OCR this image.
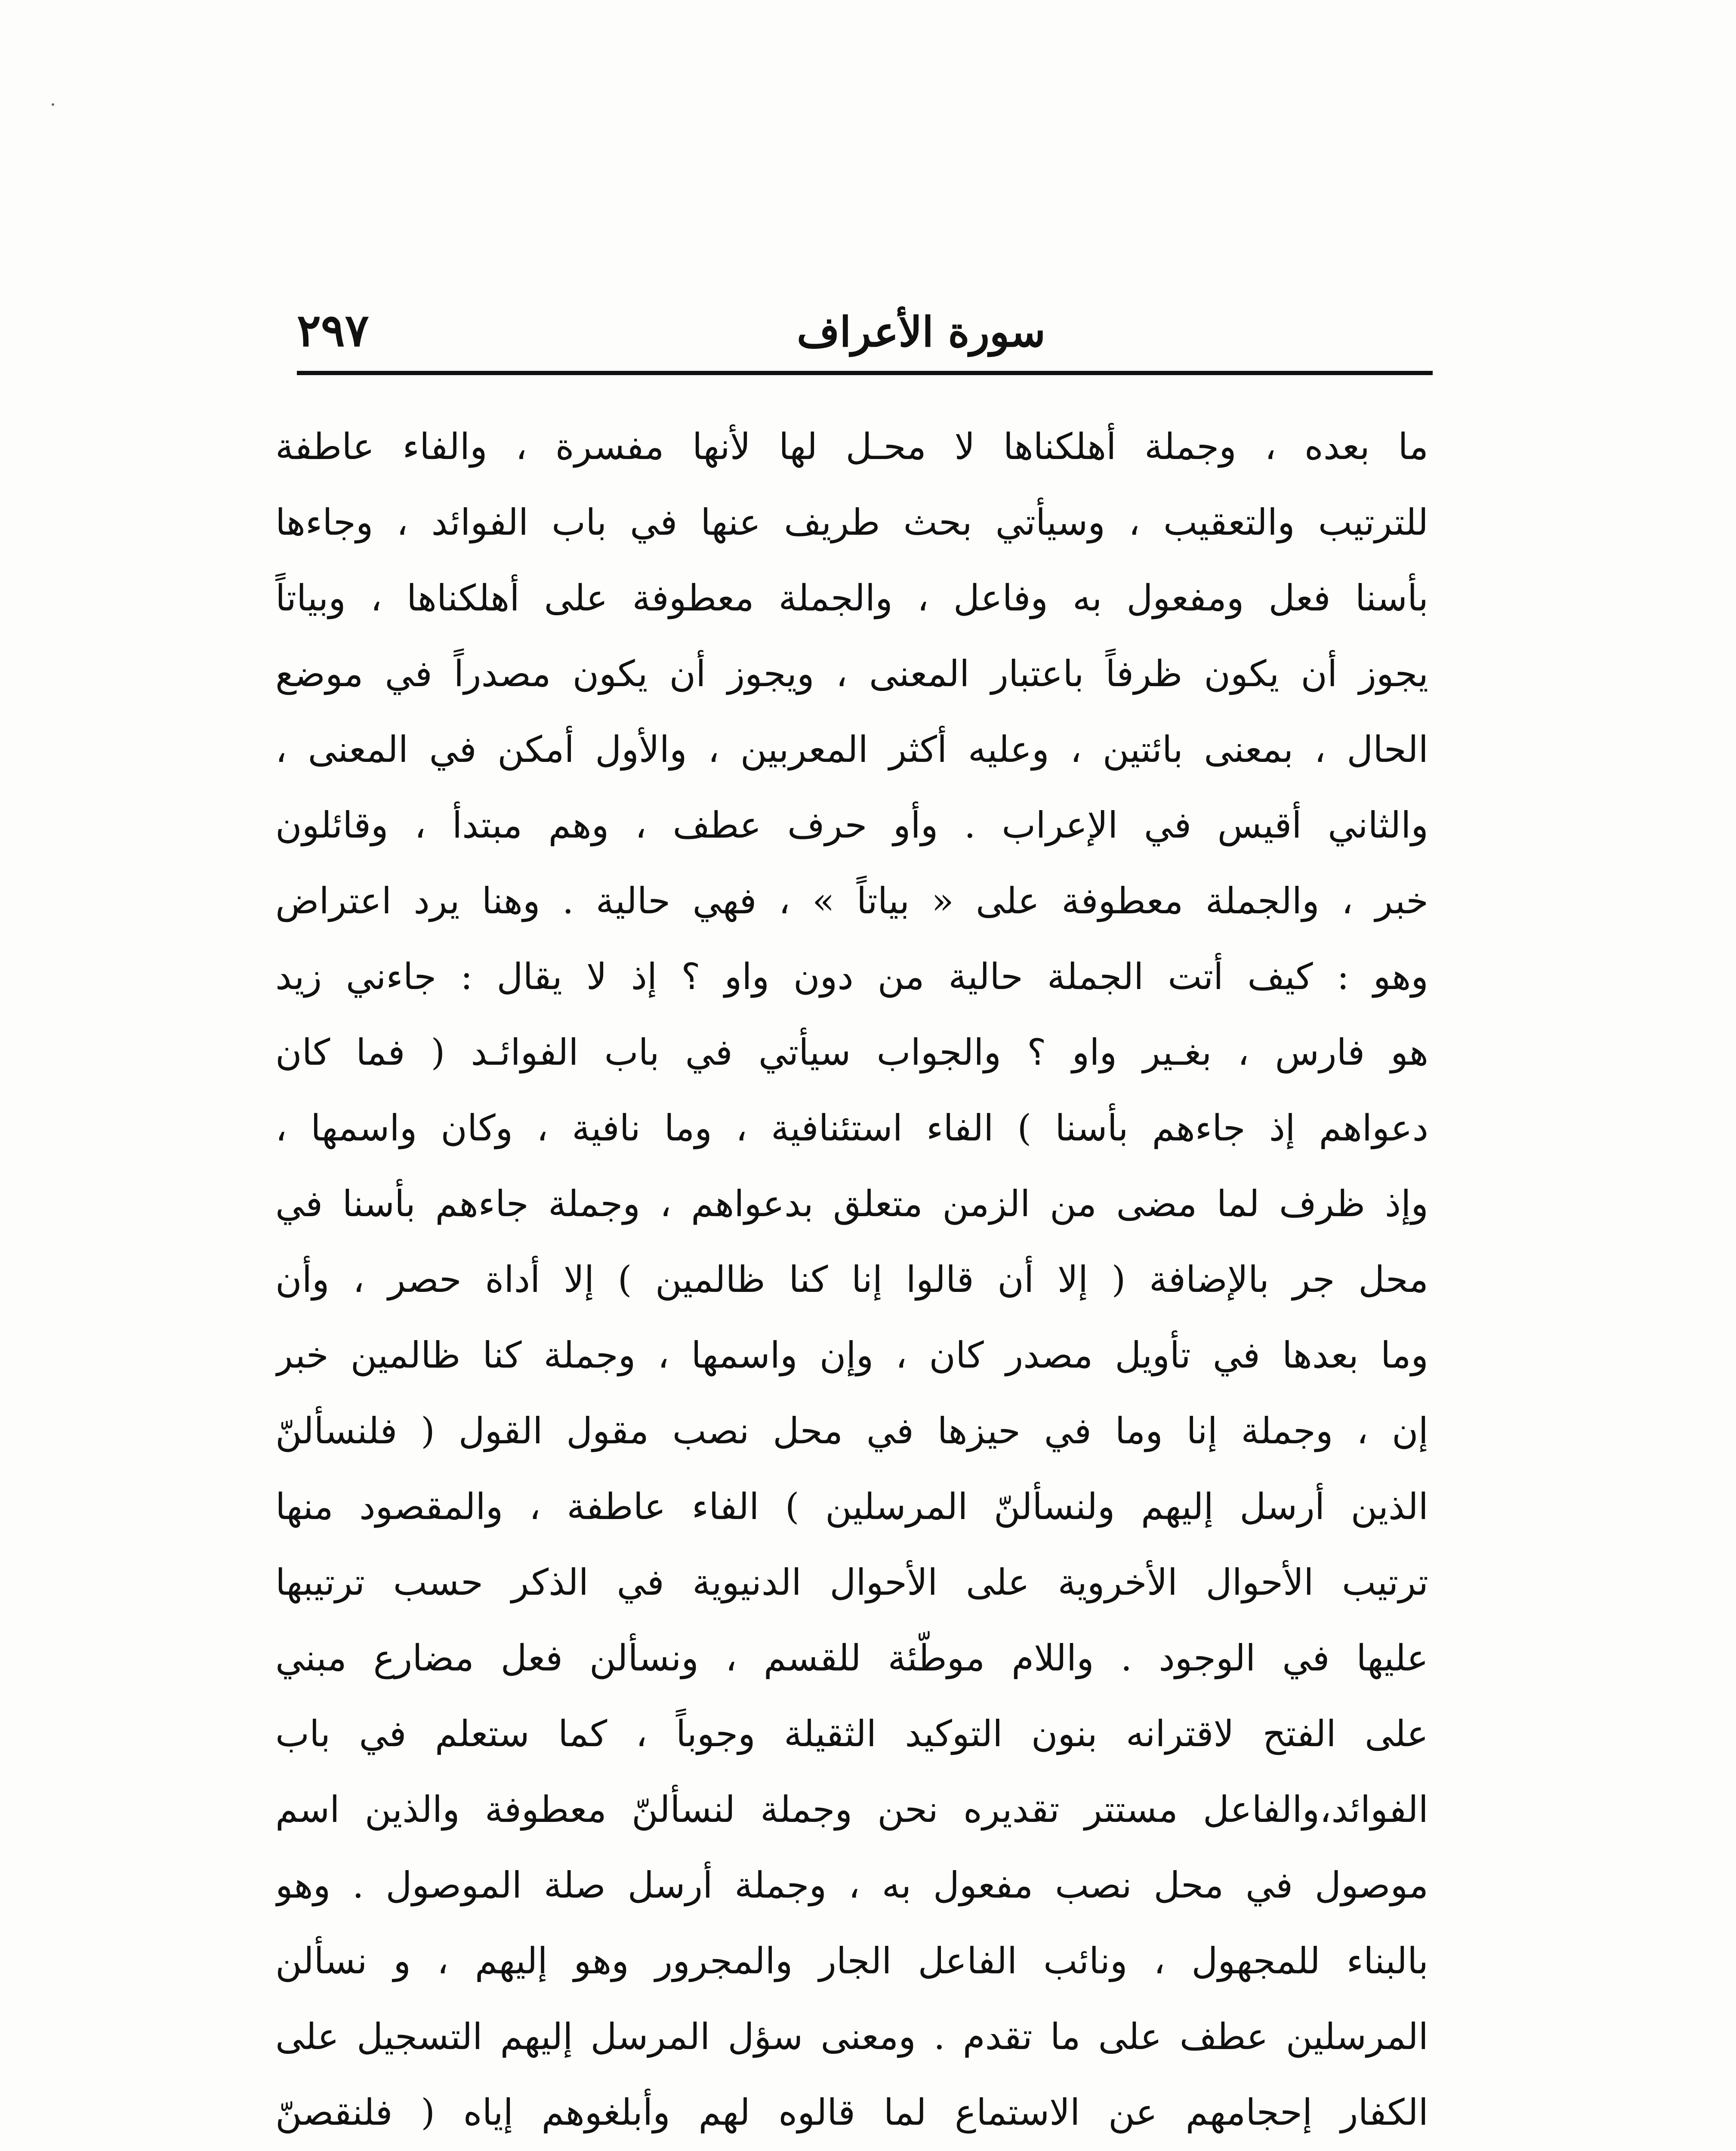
سورة الأعراف
٢٩٧
ما بعده ، وجملة أهلكناها لا محـل لها لأنها مفسرة ، والفاء عاطفة
للترتيب والتعقيب ، وسيأتي بحث طريف عنها في باب الفوائد ، وجاءها
بأسنا فعل ومفعول به وفاعل ، والجملة معطوفة على أهلكناها ، وبياتاً
يجوز أن يكون ظرفاً باعتبار المعنى ، ويجوز أن يكون مصدراً في موضع
الحال ، بمعنى بائتين ، وعليه أكثر المعربين ، والأول أمكن في المعنى ،
والثاني أقيس في الإعراب . وأو حرف عطف ، وهم مبتدأ ، وقائلون
خبر ، والجملة معطوفة على « بياتاً » ، فهي حالية . وهنا يرد اعتراض
وهو : كيف أتت الجملة حالية من دون واو ؟ إذ لا يقال : جاءني زيد
هو فارس ، بغـير واو ؟ والجواب سيأتي في باب الفوائـد ( فما كان
دعواهم إذ جاءهم بأسنا ) الفاء استئنافية ، وما نافية ، وكان واسمها ،
وإذ ظرف لما مضى من الزمن متعلق بدعواهم ، وجملة جاءهم بأسنا في
محل جر بالإضافة ( إلا أن قالوا إنا كنا ظالمين ) إلا أداة حصر ، وأن
وما بعدها في تأويل مصدر كان ، وإن واسمها ، وجملة كنا ظالمين خبر
إن ، وجملة إنا وما في حيزها في محل نصب مقول القول ( فلنسألنّ
الذين أرسل إليهم ولنسألنّ المرسلين ) الفاء عاطفة ، والمقصود منها
ترتيب الأحوال الأخروية على الأحوال الدنيوية في الذكر حسب ترتيبها
عليها في الوجود . واللام موطّئة للقسم ، ونسألن فعل مضارع مبني
على الفتح لاقترانه بنون التوكيد الثقيلة وجوباً ، كما ستعلم في باب
الفوائد،والفاعل مستتر تقديره نحن وجملة لنسألنّ معطوفة والذين اسم
موصول في محل نصب مفعول به ، وجملة أرسل صلة الموصول . وهو
بالبناء للمجهول ، ونائب الفاعل الجار والمجرور وهو إليهم ، و نسألن
المرسلين عطف على ما تقدم . ومعنى سؤل المرسل إليهم التسجيل على
الكفار إحجامهم عن الاستماع لما قالوه لهم وأبلغوهم إياه ( فلنقصنّ
